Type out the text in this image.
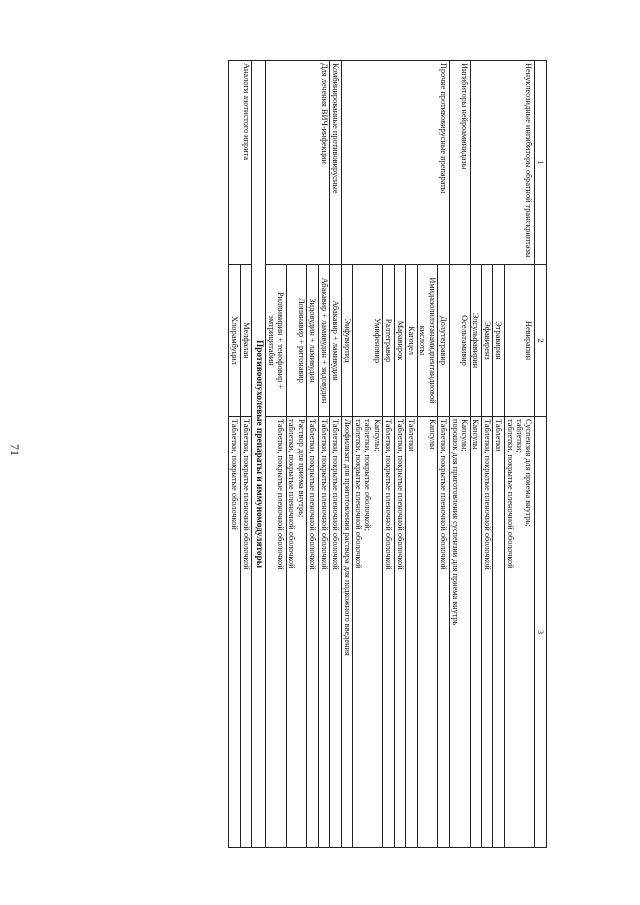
71
1	2	3
Ненуклеозидные ингибиторы обратной транскриптазы	Невирапин	Суспензия для приема внутрь;
таблетки;
таблетки, покрытые пленочной оболочкой

	Этравирин	Таблетки

	Эфавиренз	Таблетки, покрытые пленочной оболочкой

	Элсульфавирин	Капсулы

Ингибиторы нейроаминидазы	Осельтамивир	Капсулы;
порошок для приготовления суспензии для приема внутрь

Прочие противовирусные препараты	Долутегравир	Таблетки, покрытые пленочной оболочкой

	Имидазолилэтанамидпентандиовой кислоты	Капсулы

	Кагоцел	Таблетки

	Маравирок	Таблетки, покрытые пленочной оболочкой

	Ралтегравир	Таблетки, покрытые пленочной оболочкой

	Умифеновир	Капсулы;
таблетки, покрытые оболочкой;
таблетки, покрытые пленочной оболочкой

	Энфувиртид	Лиофилизат для приготовления раствора для подкожного введения

Комбинированные противовирусные	Абакавир + ламивудин	Таблетки, покрытые пленочной оболочкой

Для лечения ВИЧ-инфекции	Абакавир + ламивудин + зидовудин	Таблетки, покрытые пленочной оболочкой

	Зидовудин + ламивудин	Таблетки, покрытые пленочной оболочкой

	Лопинавир + ритонавир	Раствор для приема внутрь;
таблетки, покрытые пленочной оболочкой

	Рилпивирин + тенофовир + эмтрицитабин	Таблетки, покрытые пленочной оболочкой

Противоопухолевые препараты и иммуномодуляторы		
Аналоги азотистого иприта	Мелфалан	Таблетки, покрытые пленочной оболочкой

	Хлорамбуцил	Таблетки, покрытые оболочкой
